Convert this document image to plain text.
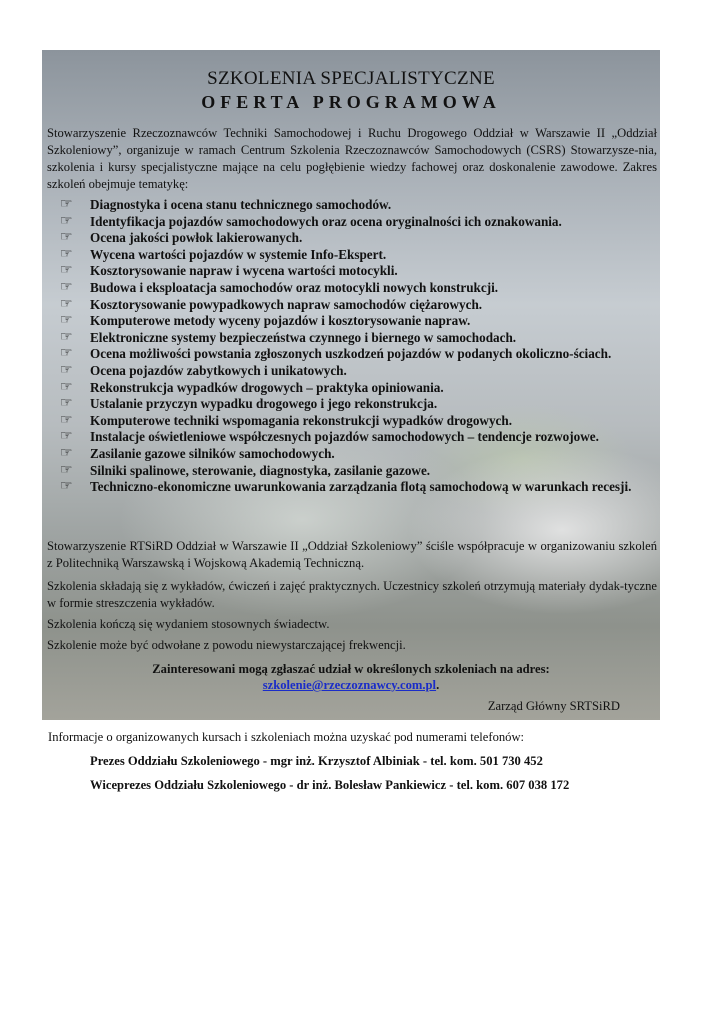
SZKOLENIA SPECJALISTYCZNE
OFERTA PROGRAMOWA
Stowarzyszenie Rzeczoznawców Techniki Samochodowej i Ruchu Drogowego Oddział w Warszawie II „Oddział Szkoleniowy”, organizuje w ramach Centrum Szkolenia Rzeczoznawców Samochodowych (CSRS) Stowarzysze-nia, szkolenia i kursy specjalistyczne mające na celu pogłębienie wiedzy fachowej oraz doskonalenie zawodowe. Zakres szkoleń obejmuje tematykę:
☞	Diagnostyka i ocena stanu technicznego samochodów.
☞	Identyfikacja pojazdów samochodowych oraz ocena oryginalności ich oznakowania.
☞	Ocena jakości powłok lakierowanych.
☞	Wycena wartości pojazdów w systemie Info-Ekspert.
☞	Kosztorysowanie napraw i wycena wartości motocykli.
☞	Budowa i eksploatacja samochodów oraz motocykli nowych konstrukcji.
☞	Kosztorysowanie powypadkowych napraw samochodów ciężarowych.
☞	Komputerowe metody wyceny pojazdów i kosztorysowanie napraw.
☞	Elektroniczne systemy bezpieczeństwa czynnego i biernego w samochodach.
☞	Ocena możliwości powstania zgłoszonych uszkodzeń pojazdów w podanych okoliczno-ściach.
☞	Ocena pojazdów zabytkowych i unikatowych.
☞	Rekonstrukcja wypadków drogowych – praktyka opiniowania.
☞	Ustalanie przyczyn wypadku drogowego i jego rekonstrukcja.
☞	Komputerowe techniki wspomagania rekonstrukcji wypadków drogowych.
☞	Instalacje oświetleniowe współczesnych pojazdów samochodowych – tendencje rozwojowe.
☞	Zasilanie gazowe silników samochodowych.
☞	Silniki spalinowe, sterowanie, diagnostyka, zasilanie gazowe.
☞	Techniczno-ekonomiczne uwarunkowania zarządzania flotą samochodową w warunkach recesji.
Stowarzyszenie RTSiRD Oddział w Warszawie II „Oddział Szkoleniowy” ściśle współpracuje w organizowaniu szkoleń z Politechniką Warszawską i Wojskową Akademią Techniczną.
Szkolenia składają się z wykładów, ćwiczeń i zajęć praktycznych. Uczestnicy szkoleń otrzymują materiały dydak-tyczne w formie streszczenia wykładów.
Szkolenia kończą się wydaniem stosownych świadectw.
Szkolenie może być odwołane z powodu niewystarczającej frekwencji.
Zainteresowani mogą zgłaszać udział w określonych szkoleniach na adres:
szkolenie@rzeczoznawcy.com.pl.
Zarząd Główny SRTSiRD
Informacje o organizowanych kursach i szkoleniach można uzyskać pod numerami telefonów:
Prezes Oddziału Szkoleniowego - mgr inż. Krzysztof Albiniak - tel. kom. 501 730 452
Wiceprezes Oddziału Szkoleniowego - dr inż. Bolesław Pankiewicz - tel. kom. 607 038 172
